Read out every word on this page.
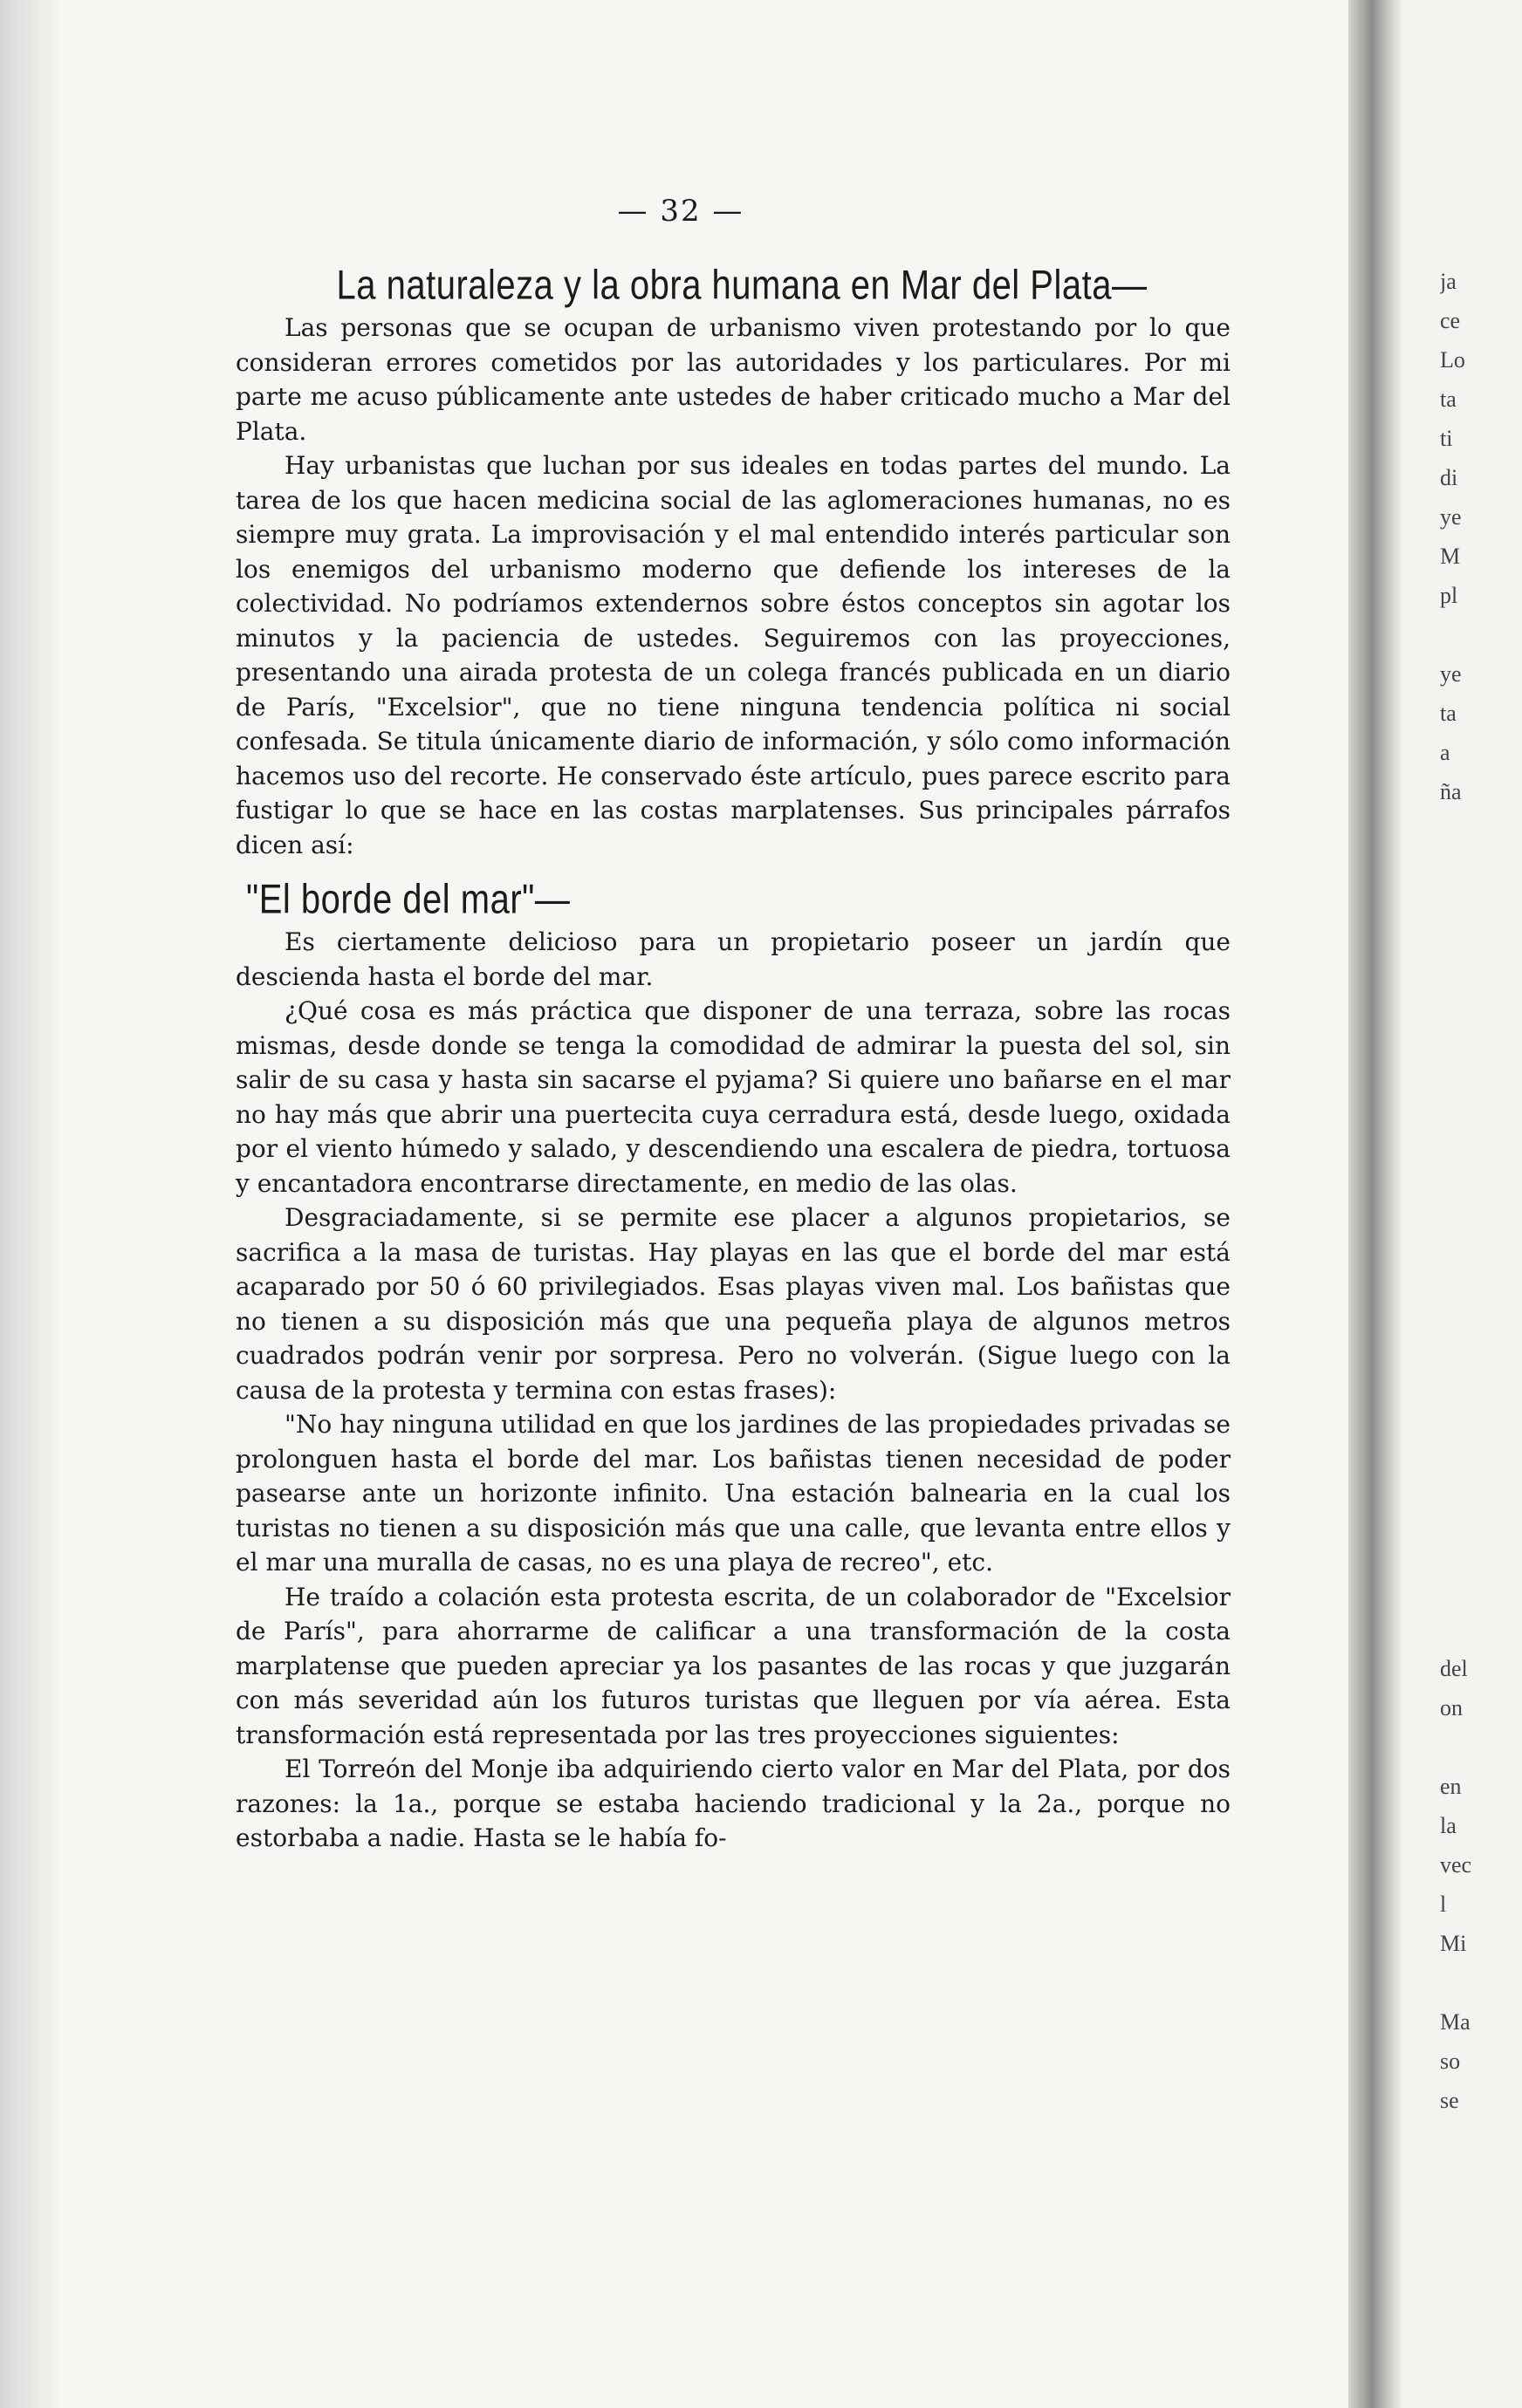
— 32 —
La naturaleza y la obra humana en Mar del Plata—

Las personas que se ocupan de urbanismo viven protestando por lo que consideran errores cometidos por las autoridades y los particulares. Por mi parte me acuso públicamente ante ustedes de haber criticado mucho a Mar del Plata.

Hay urbanistas que luchan por sus ideales en todas partes del mundo. La tarea de los que hacen medicina social de las aglomeraciones humanas, no es siempre muy grata. La improvisación y el mal entendido interés particular son los enemigos del urbanismo moderno que defiende los intereses de la colectividad. No podríamos extendernos sobre éstos conceptos sin agotar los minutos y la paciencia de ustedes. Seguiremos con las proyecciones, presentando una airada protesta de un colega francés publicada en un diario de París, "Excelsior", que no tiene ninguna tendencia política ni social confesada. Se titula únicamente diario de información, y sólo como información hacemos uso del recorte. He conservado éste artículo, pues parece escrito para fustigar lo que se hace en las costas marplatenses. Sus principales párrafos dicen así:

"El borde del mar"—

Es ciertamente delicioso para un propietario poseer un jardín que descienda hasta el borde del mar.

¿Qué cosa es más práctica que disponer de una terraza, sobre las rocas mismas, desde donde se tenga la comodidad de admirar la puesta del sol, sin salir de su casa y hasta sin sacarse el pyjama? Si quiere uno bañarse en el mar no hay más que abrir una puertecita cuya cerradura está, desde luego, oxidada por el viento húmedo y salado, y descendiendo una escalera de piedra, tortuosa y encantadora encontrarse directamente, en medio de las olas.

Desgraciadamente, si se permite ese placer a algunos propietarios, se sacrifica a la masa de turistas. Hay playas en las que el borde del mar está acaparado por 50 ó 60 privilegiados. Esas playas viven mal. Los bañistas que no tienen a su disposición más que una pequeña playa de algunos metros cuadrados podrán venir por sorpresa. Pero no volverán. (Sigue luego con la causa de la protesta y termina con estas frases):

"No hay ninguna utilidad en que los jardines de las propiedades privadas se prolonguen hasta el borde del mar. Los bañistas tienen necesidad de poder pasearse ante un horizonte infinito. Una estación balnearia en la cual los turistas no tienen a su disposición más que una calle, que levanta entre ellos y el mar una muralla de casas, no es una playa de recreo", etc.

He traído a colación esta protesta escrita, de un colaborador de "Excelsior de París", para ahorrarme de calificar a una transformación de la costa marplatense que pueden apreciar ya los pasantes de las rocas y que juzgarán con más severidad aún los futuros turistas que lleguen por vía aérea. Esta transformación está representada por las tres proyecciones siguientes:

El Torreón del Monje iba adquiriendo cierto valor en Mar del Plata, por dos razones: la 1a., porque se estaba haciendo tradicional y la 2a., porque no estorbaba a nadie. Hasta se le había fo-

ja
ce
Lo
ta
ti
di
ye
M
pl
ye
ta
a
ña
del
on
en
la
vec
l
Mi
Ma
so
se
